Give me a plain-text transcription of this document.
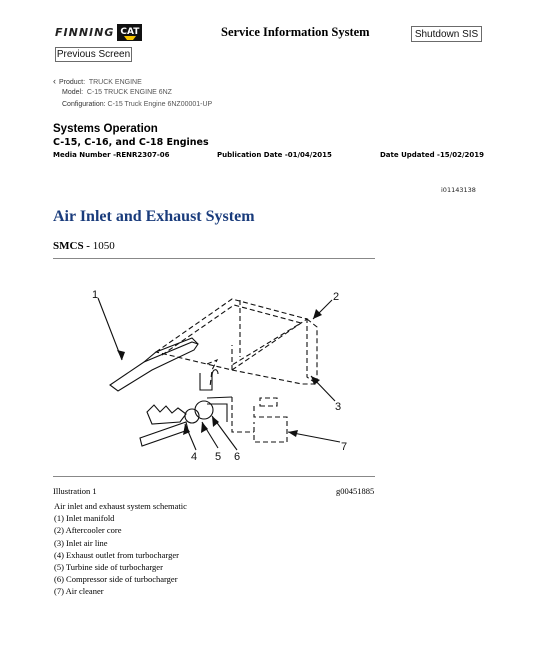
FINNING CAT	Service Information System	Shutdown SIS
Previous Screen
‹ Product: TRUCK ENGINE
Model: C-15 TRUCK ENGINE 6NZ
Configuration: C-15 Truck Engine 6NZ00001-UP
Systems Operation
C-15, C-16, and C-18 Engines
Media Number -RENR2307-06	Publication Date -01/04/2015	Date Updated -15/02/2019
i01143138
Air Inlet and Exhaust System
SMCS - 1050
1	2
3
4 5 6
7
Illustration 1	g00451885
Air inlet and exhaust system schematic
(1) Inlet manifold
(2) Aftercooler core
(3) Inlet air line
(4) Exhaust outlet from turbocharger
(5) Turbine side of turbocharger
(6) Compressor side of turbocharger
(7) Air cleaner
